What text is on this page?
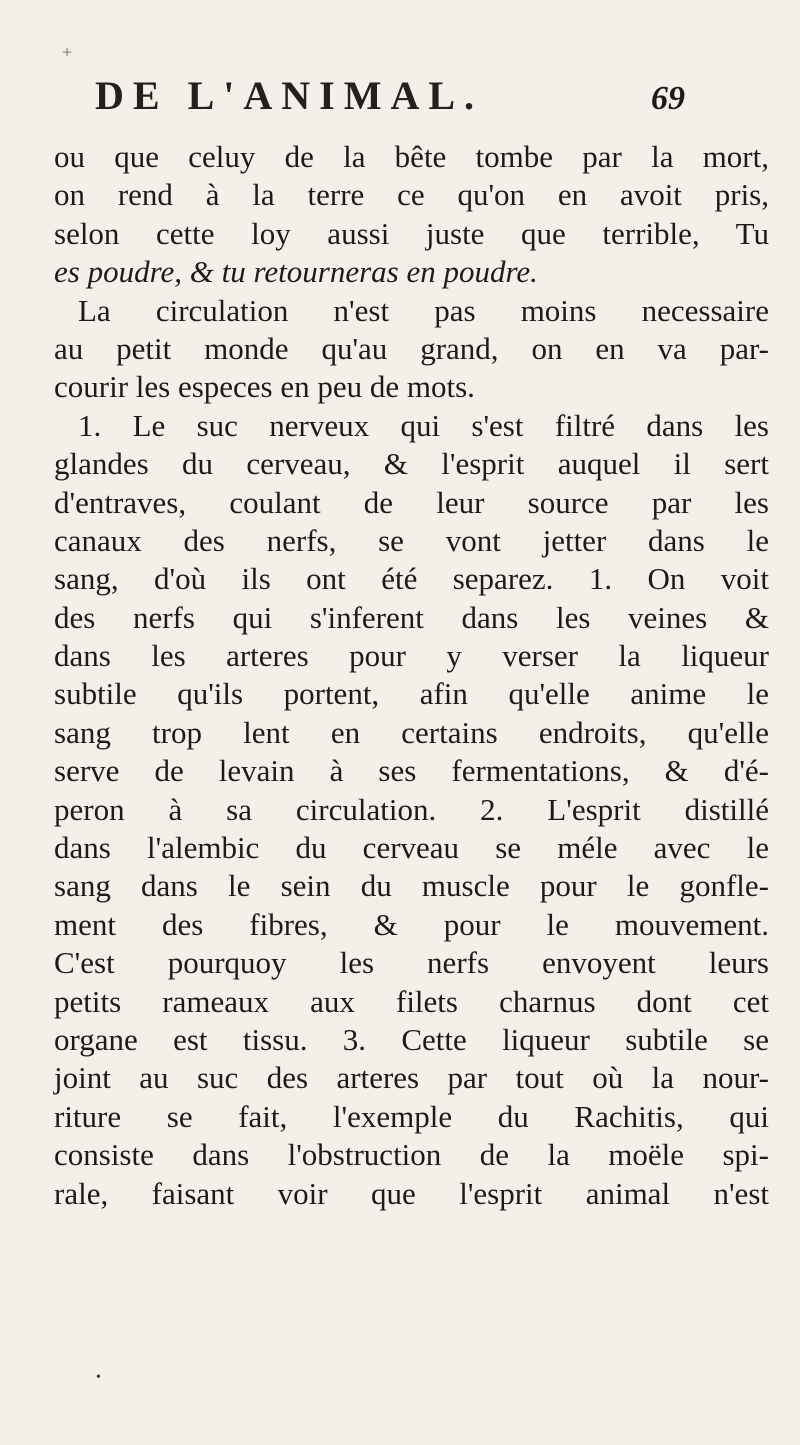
+
DE L'ANIMAL.	69
ou que celuy de la bête tombe par la mort,
on rend à la terre ce qu'on en avoit pris,
selon cette loy aussi juste que terrible, Tu
es poudre, & tu retourneras en poudre.
La circulation n'est pas moins necessaire
au petit monde qu'au grand, on en va par-
courir les especes en peu de mots.
1. Le suc nerveux qui s'est filtré dans les
glandes du cerveau, & l'esprit auquel il sert
d'entraves, coulant de leur source par les
canaux des nerfs, se vont jetter dans le
sang, d'où ils ont été separez. 1. On voit
des nerfs qui s'inferent dans les veines &
dans les arteres pour y verser la liqueur
subtile qu'ils portent, afin qu'elle anime le
sang trop lent en certains endroits, qu'elle
serve de levain à ses fermentations, & d'é-
peron à sa circulation. 2. L'esprit distillé
dans l'alembic du cerveau se méle avec le
sang dans le sein du muscle pour le gonfle-
ment des fibres, & pour le mouvement.
C'est pourquoy les nerfs envoyent leurs
petits rameaux aux filets charnus dont cet
organe est tissu. 3. Cette liqueur subtile se
joint au suc des arteres par tout où la nour-
riture se fait, l'exemple du Rachitis, qui
consiste dans l'obstruction de la moële spi-
rale, faisant voir que l'esprit animal n'est
•
